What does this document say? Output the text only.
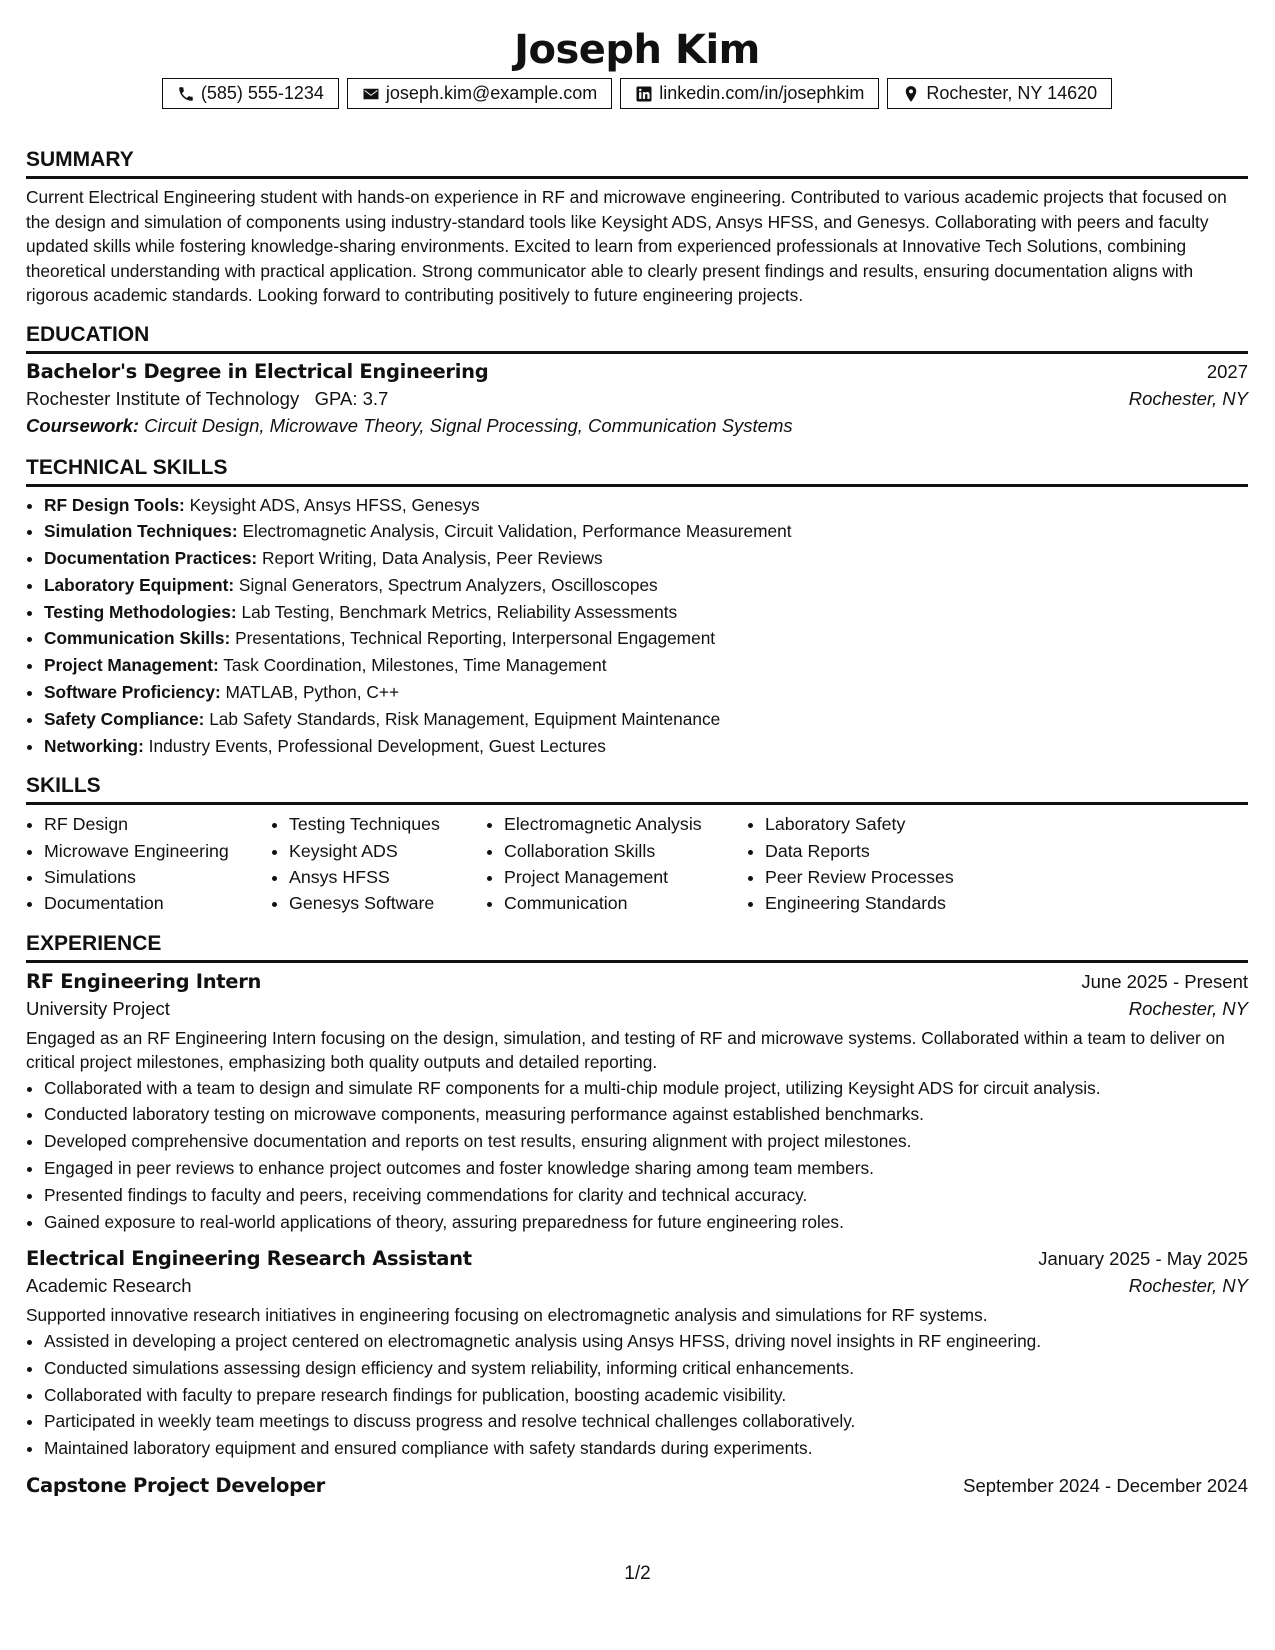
Joseph Kim
(585) 555-1234	joseph.kim@example.com	linkedin.com/in/josephkim	Rochester, NY 14620
SUMMARY
Current Electrical Engineering student with hands-on experience in RF and microwave engineering. Contributed to various academic projects that focused on the design and simulation of components using industry-standard tools like Keysight ADS, Ansys HFSS, and Genesys. Collaborating with peers and faculty updated skills while fostering knowledge-sharing environments. Excited to learn from experienced professionals at Innovative Tech Solutions, combining theoretical understanding with practical application. Strong communicator able to clearly present findings and results, ensuring documentation aligns with rigorous academic standards. Looking forward to contributing positively to future engineering projects.
EDUCATION
Bachelor's Degree in Electrical Engineering	2027
Rochester Institute of Technology GPA: 3.7	Rochester, NY
Coursework: Circuit Design, Microwave Theory, Signal Processing, Communication Systems
TECHNICAL SKILLS
• RF Design Tools: Keysight ADS, Ansys HFSS, Genesys
• Simulation Techniques: Electromagnetic Analysis, Circuit Validation, Performance Measurement
• Documentation Practices: Report Writing, Data Analysis, Peer Reviews
• Laboratory Equipment: Signal Generators, Spectrum Analyzers, Oscilloscopes
• Testing Methodologies: Lab Testing, Benchmark Metrics, Reliability Assessments
• Communication Skills: Presentations, Technical Reporting, Interpersonal Engagement
• Project Management: Task Coordination, Milestones, Time Management
• Software Proficiency: MATLAB, Python, C++
• Safety Compliance: Lab Safety Standards, Risk Management, Equipment Maintenance
• Networking: Industry Events, Professional Development, Guest Lectures
SKILLS
• RF Design
• Microwave Engineering
• Simulations
• Documentation
• Testing Techniques
• Keysight ADS
• Ansys HFSS
• Genesys Software
• Electromagnetic Analysis
• Collaboration Skills
• Project Management
• Communication
• Laboratory Safety
• Data Reports
• Peer Review Processes
• Engineering Standards
EXPERIENCE
RF Engineering Intern	June 2025 - Present
University Project	Rochester, NY
Engaged as an RF Engineering Intern focusing on the design, simulation, and testing of RF and microwave systems. Collaborated within a team to deliver on critical project milestones, emphasizing both quality outputs and detailed reporting.
• Collaborated with a team to design and simulate RF components for a multi-chip module project, utilizing Keysight ADS for circuit analysis.
• Conducted laboratory testing on microwave components, measuring performance against established benchmarks.
• Developed comprehensive documentation and reports on test results, ensuring alignment with project milestones.
• Engaged in peer reviews to enhance project outcomes and foster knowledge sharing among team members.
• Presented findings to faculty and peers, receiving commendations for clarity and technical accuracy.
• Gained exposure to real-world applications of theory, assuring preparedness for future engineering roles.
Electrical Engineering Research Assistant	January 2025 - May 2025
Academic Research	Rochester, NY
Supported innovative research initiatives in engineering focusing on electromagnetic analysis and simulations for RF systems.
• Assisted in developing a project centered on electromagnetic analysis using Ansys HFSS, driving novel insights in RF engineering.
• Conducted simulations assessing design efficiency and system reliability, informing critical enhancements.
• Collaborated with faculty to prepare research findings for publication, boosting academic visibility.
• Participated in weekly team meetings to discuss progress and resolve technical challenges collaboratively.
• Maintained laboratory equipment and ensured compliance with safety standards during experiments.
Capstone Project Developer	September 2024 - December 2024
1/2
